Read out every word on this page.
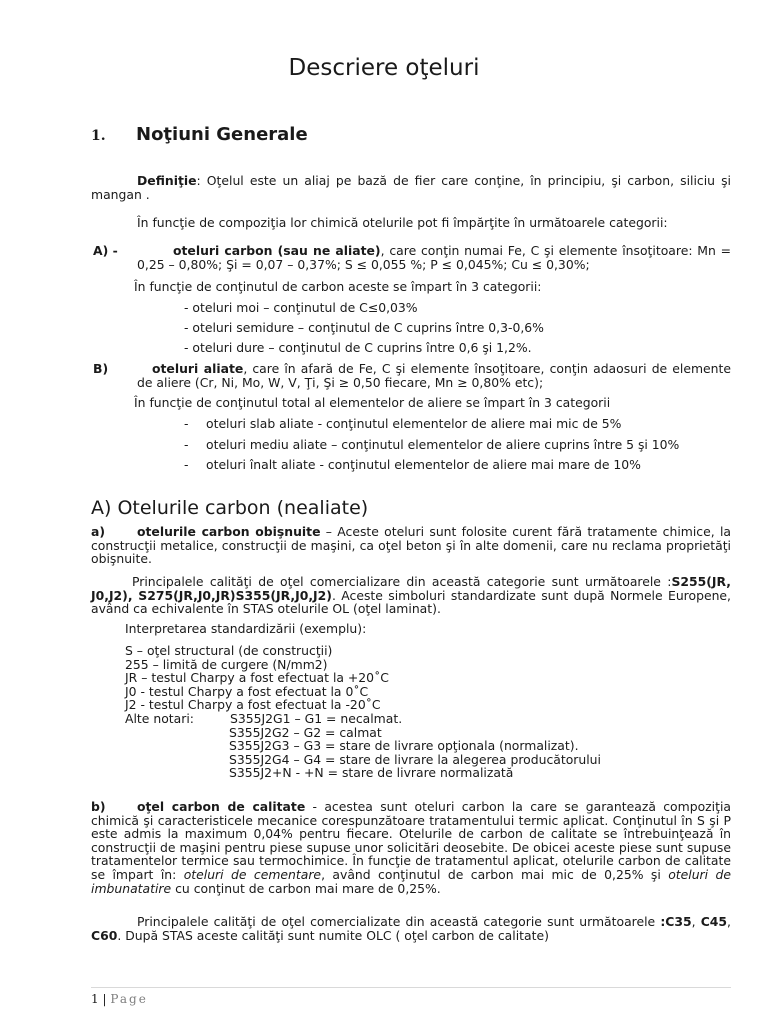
Descriere oţeluri
1. Noţiuni Generale

Definiţie: Oţelul este un aliaj pe bază de fier care conţine, în principiu, şi carbon, siliciu şi mangan .

În funcţie de compoziţia lor chimică otelurile pot fi împărţite în următoarele categorii:

A) -	oteluri carbon (sau ne aliate), care conţin numai Fe, C şi elemente însoţitoare: Mn = 0,25 – 0,80%; Şi = 0,07 – 0,37%; S ≤ 0,055 %; P ≤ 0,045%; Cu ≤ 0,30%;

În funcţie de conţinutul de carbon aceste se împart în 3 categorii:

- oteluri moi – conţinutul de C≤0,03%

- oteluri semidure – conţinutul de C cuprins între 0,3-0,6%

- oteluri dure – conţinutul de C cuprins între 0,6 şi 1,2%.

B)	oteluri aliate, care în afară de Fe, C şi elemente însoţitoare, conţin adaosuri de elemente de aliere (Cr, Ni, Mo, W, V, Ţi, Şi ≥ 0,50 fiecare, Mn ≥ 0,80% etc);

În funcţie de conţinutul total al elementelor de aliere se împart în 3 categorii

- oteluri slab aliate - conţinutul elementelor de aliere mai mic de 5%

- oteluri mediu aliate – conţinutul elementelor de aliere cuprins între 5 şi 10%

- oteluri înalt aliate - conţinutul elementelor de aliere mai mare de 10%

A) Otelurile carbon (nealiate)

a)	otelurile carbon obişnuite – Aceste oteluri sunt folosite curent fără tratamente chimice, la construcţii metalice, construcţii de maşini, ca oţel beton şi în alte domenii, care nu reclama proprietăţi obişnuite.

Principalele calităţi de oţel comercializare din această categorie sunt următoarele :S255(JR, J0,J2), S275(JR,J0,JR)S355(JR,J0,J2). Aceste simboluri standardizate sunt după Normele Europene, având ca echivalente în STAS otelurile OL (oţel laminat).

Interpretarea standardizării (exemplu):

S – oţel structural (de construcţii)
255 – limită de curgere (N/mm2)
JR – testul Charpy a fost efectuat la +20˚C
J0 - testul Charpy a fost efectuat la 0˚C
J2 - testul Charpy a fost efectuat la -20˚C
Alte notari:	S355J2G1 – G1 = necalmat.
S355J2G2 – G2 = calmat
S355J2G3 – G3 = stare de livrare opţionala (normalizat).
S355J2G4 – G4 = stare de livrare la alegerea producătorului
S355J2+N - +N = stare de livrare normalizată

b)	oţel carbon de calitate - acestea sunt oteluri carbon la care se garantează compoziţia chimică şi caracteristicele mecanice corespunzătoare tratamentului termic aplicat. Conţinutul în S şi P este admis la maximum 0,04% pentru fiecare. Otelurile de carbon de calitate se întrebuinţează în construcţii de maşini pentru piese supuse unor solicitări deosebite. De obicei aceste piese sunt supuse tratamentelor termice sau termochimice. În funcţie de tratamentul aplicat, otelurile carbon de calitate se împart în: oteluri de cementare, având conţinutul de carbon mai mic de 0,25% şi oteluri de imbunatatire cu conţinut de carbon mai mare de 0,25%.

Principalele calităţi de oţel comercializate din această categorie sunt următoarele :C35, C45, C60. După STAS aceste calităţi sunt numite OLC ( oţel carbon de calitate)

1 | Page
